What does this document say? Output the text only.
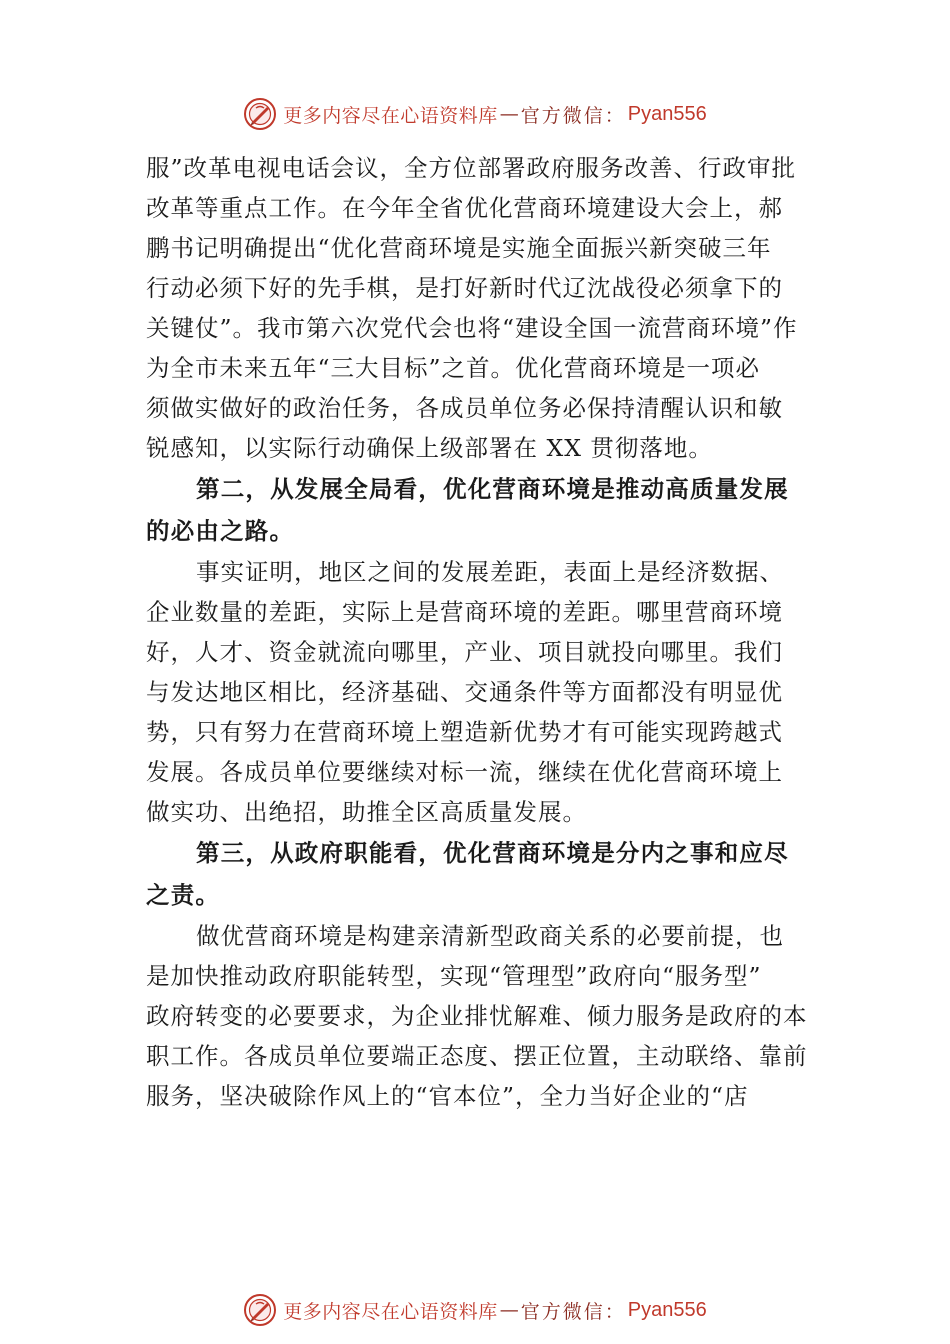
更多内容尽在心语资料库 — 官方微信： Pyan556
服”改革电视电话会议，全方位部署政府服务改善、行政审批
改革等重点工作。在今年全省优化营商环境建设大会上，郝
鹏书记明确提出“优化营商环境是实施全面振兴新突破三年
行动必须下好的先手棋，是打好新时代辽沈战役必须拿下的
关键仗”。我市第六次党代会也将“建设全国一流营商环境”作
为全市未来五年“三大目标”之首。优化营商环境是一项必
须做实做好的政治任务，各成员单位务必保持清醒认识和敏
锐感知，以实际行动确保上级部署在 XX 贯彻落地。
第二，从发展全局看，优化营商环境是推动高质量发展
的必由之路。
事实证明，地区之间的发展差距，表面上是经济数据、
企业数量的差距，实际上是营商环境的差距。哪里营商环境
好，人才、资金就流向哪里，产业、项目就投向哪里。我们
与发达地区相比，经济基础、交通条件等方面都没有明显优
势，只有努力在营商环境上塑造新优势才有可能实现跨越式
发展。各成员单位要继续对标一流，继续在优化营商环境上
做实功、出绝招，助推全区高质量发展。
第三，从政府职能看，优化营商环境是分内之事和应尽
之责。
做优营商环境是构建亲清新型政商关系的必要前提，也
是加快推动政府职能转型，实现“管理型”政府向“服务型”
政府转变的必要要求，为企业排忧解难、倾力服务是政府的本
职工作。各成员单位要端正态度、摆正位置，主动联络、靠前
服务，坚决破除作风上的“官本位”，全力当好企业的“店
更多内容尽在心语资料库 — 官方微信： Pyan556
